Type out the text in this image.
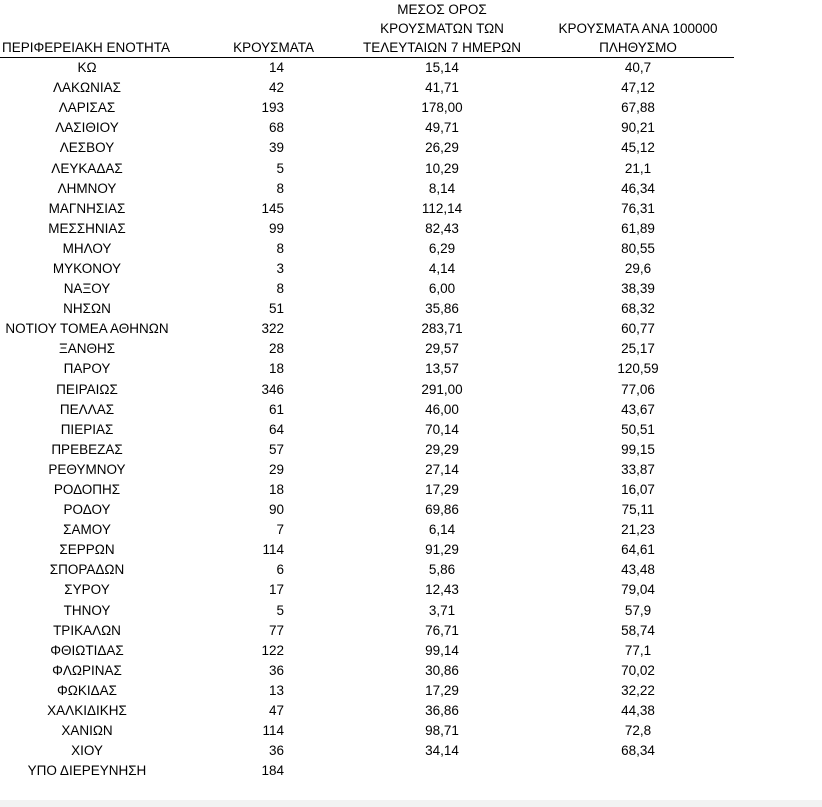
ΠΕΡΙΦΕΡΕΙΑΚΗ ΕΝΟΤΗΤΑ	ΚΡΟΥΣΜΑΤΑ	ΜΕΣΟΣ ΟΡΟΣ
ΚΡΟΥΣΜΑΤΩΝ ΤΩΝ
ΤΕΛΕΥΤΑΙΩΝ 7 ΗΜΕΡΩΝ	ΚΡΟΥΣΜΑΤΑ ΑΝΑ 100000
ΠΛΗΘΥΣΜΟ

ΚΩ	14	15,14	40,7
ΛΑΚΩΝΙΑΣ	42	41,71	47,12
ΛΑΡΙΣΑΣ	193	178,00	67,88
ΛΑΣΙΘΙΟΥ	68	49,71	90,21
ΛΕΣΒΟΥ	39	26,29	45,12
ΛΕΥΚΑΔΑΣ	5	10,29	21,1
ΛΗΜΝΟΥ	8	8,14	46,34
ΜΑΓΝΗΣΙΑΣ	145	112,14	76,31
ΜΕΣΣΗΝΙΑΣ	99	82,43	61,89
ΜΗΛΟΥ	8	6,29	80,55
ΜΥΚΟΝΟΥ	3	4,14	29,6
ΝΑΞΟΥ	8	6,00	38,39
ΝΗΣΩΝ	51	35,86	68,32
ΝΟΤΙΟΥ ΤΟΜΕΑ ΑΘΗΝΩΝ	322	283,71	60,77
ΞΑΝΘΗΣ	28	29,57	25,17
ΠΑΡΟΥ	18	13,57	120,59
ΠΕΙΡΑΙΩΣ	346	291,00	77,06
ΠΕΛΛΑΣ	61	46,00	43,67
ΠΙΕΡΙΑΣ	64	70,14	50,51
ΠΡΕΒΕΖΑΣ	57	29,29	99,15
ΡΕΘΥΜΝΟΥ	29	27,14	33,87
ΡΟΔΟΠΗΣ	18	17,29	16,07
ΡΟΔΟΥ	90	69,86	75,11
ΣΑΜΟΥ	7	6,14	21,23
ΣΕΡΡΩΝ	114	91,29	64,61
ΣΠΟΡΑΔΩΝ	6	5,86	43,48
ΣΥΡΟΥ	17	12,43	79,04
ΤΗΝΟΥ	5	3,71	57,9
ΤΡΙΚΑΛΩΝ	77	76,71	58,74
ΦΘΙΩΤΙΔΑΣ	122	99,14	77,1
ΦΛΩΡΙΝΑΣ	36	30,86	70,02
ΦΩΚΙΔΑΣ	13	17,29	32,22
ΧΑΛΚΙΔΙΚΗΣ	47	36,86	44,38
ΧΑΝΙΩΝ	114	98,71	72,8
ΧΙΟΥ	36	34,14	68,34
ΥΠΟ ΔΙΕΡΕΥΝΗΣΗ	184		
